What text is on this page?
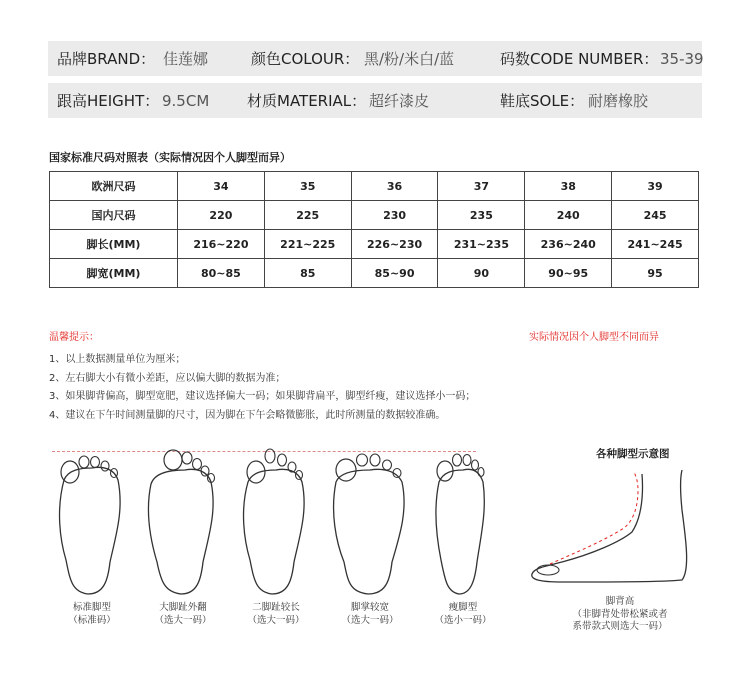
品牌BRAND： 佳莲娜	颜色COLOUR： 黑/粉/米白/蓝	码数CODE NUMBER： 35-39
跟高HEIGHT： 9.5CM	材质MATERIAL： 超纤漆皮	鞋底SOLE： 耐磨橡胶
国家标准尺码对照表（实际情况因个人脚型而异）
欧洲尺码	34	35	36	37	38	39
国内尺码	220	225	230	235	240	245
脚长(MM)	216~220	221~225	226~230	231~235	236~240	241~245
脚宽(MM)	80~85	85	85~90	90	90~95	95
温馨提示：	实际情况因个人脚型不同而异
1、以上数据测量单位为厘米；
2、左右脚大小有微小差距，应以偏大脚的数据为准；
3、如果脚背偏高，脚型宽肥，建议选择偏大一码；如果脚背扁平，脚型纤瘦，建议选择小一码；
4、建议在下午时间测量脚的尺寸，因为脚在下午会略微膨胀，此时所测量的数据较准确。
标准脚型
（标准码）
大脚趾外翻
（选大一码）
二脚趾较长
（选大一码）
脚掌较宽
（选大一码）
瘦脚型
（选小一码）
各种脚型示意图
脚背高
（非脚背处带松紧或者
系带款式则选大一码）
